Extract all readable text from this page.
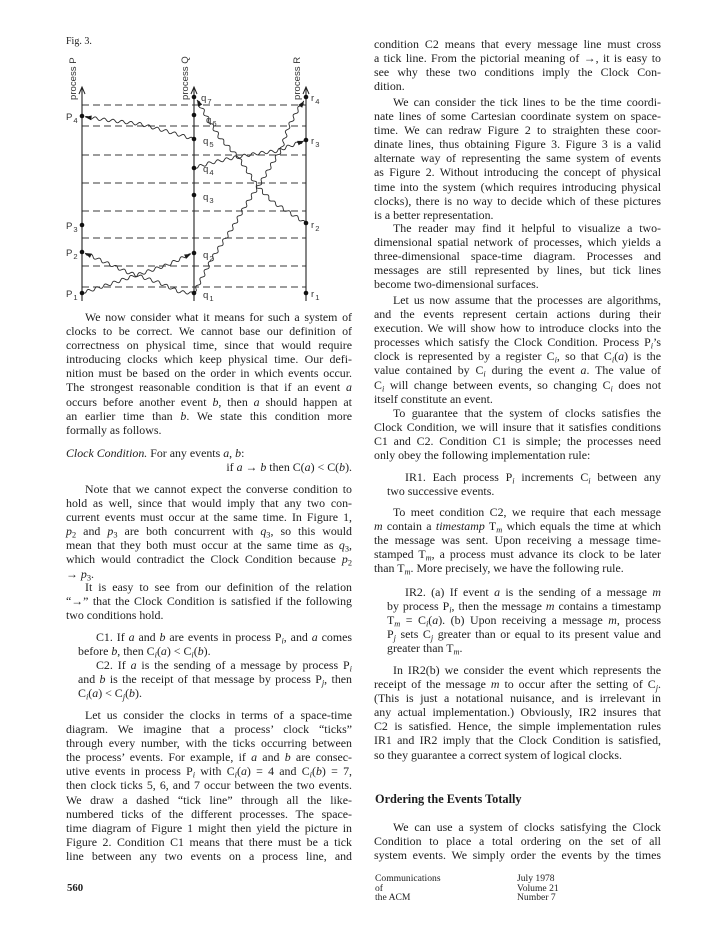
Fig. 3.
process P	process Q	process R
$P_4$
$P_3$
$P_2$
$P_1$
$q_7$
$q_6$
$q_5$
$q_4$
$q_3$
$q_2$
$q_1$
$r_4$
$r_3$
$r_2$
$r_1$
We now consider what it means for such a system of
clocks to be correct. We cannot base our definition of
correctness on physical time, since that would require
introducing clocks which keep physical time. Our defi-
nition must be based on the order in which events occur.
The strongest reasonable condition is that if an event a
occurs before another event b, then a should happen at
an earlier time than b. We state this condition more
formally as follows.
Clock Condition. For any events a, b:
if a → b then C(a) < C(b).
Note that we cannot expect the converse condition to
hold as well, since that would imply that any two con-
current events must occur at the same time. In Figure 1,
$p_2$ and $p_3$ are both concurrent with $q_3$, so this would
mean that they both must occur at the same time as $q_3$,
which would contradict the Clock Condition because $p_2$
→ $p_3$.
It is easy to see from our definition of the relation
“→” that the Clock Condition is satisfied if the following
two conditions hold.
C1. If a and b are events in process $P_i$, and a comes
before b, then $C_i(a) < C_i(b)$.
C2. If a is the sending of a message by process $P_i$
and b is the receipt of that message by process $P_j$, then
$C_i(a) < C_j(b)$.
Let us consider the clocks in terms of a space-time
diagram. We imagine that a process’ clock “ticks”
through every number, with the ticks occurring between
the process’ events. For example, if a and b are consec-
utive events in process $P_i$ with $C_i(a) = 4$ and $C_i(b) = 7$,
then clock ticks 5, 6, and 7 occur between the two events.
We draw a dashed “tick line” through all the like-
numbered ticks of the different processes. The space-
time diagram of Figure 1 might then yield the picture in
Figure 2. Condition C1 means that there must be a tick
line between any two events on a process line, and
560
condition C2 means that every message line must cross
a tick line. From the pictorial meaning of →, it is easy to
see why these two conditions imply the Clock Con-
dition.
We can consider the tick lines to be the time coordi-
nate lines of some Cartesian coordinate system on space-
time. We can redraw Figure 2 to straighten these coor-
dinate lines, thus obtaining Figure 3. Figure 3 is a valid
alternate way of representing the same system of events
as Figure 2. Without introducing the concept of physical
time into the system (which requires introducing physical
clocks), there is no way to decide which of these pictures
is a better representation.
The reader may find it helpful to visualize a two-
dimensional spatial network of processes, which yields a
three-dimensional space-time diagram. Processes and
messages are still represented by lines, but tick lines
become two-dimensional surfaces.
Let us now assume that the processes are algorithms,
and the events represent certain actions during their
execution. We will show how to introduce clocks into the
processes which satisfy the Clock Condition. Process $P_i’s$
clock is represented by a register $C_i$, so that $C_i(a)$ is the
value contained by $C_i$ during the event a. The value of
$C_i$ will change between events, so changing $C_i$ does not
itself constitute an event.
To guarantee that the system of clocks satisfies the
Clock Condition, we will insure that it satisfies conditions
C1 and C2. Condition C1 is simple; the processes need
only obey the following implementation rule:
IR1. Each process $P_i$ increments $C_i$ between any
two successive events.
To meet condition C2, we require that each message
m contain a timestamp $T_m$ which equals the time at which
the message was sent. Upon receiving a message time-
stamped $T_m$, a process must advance its clock to be later
than $T_m$. More precisely, we have the following rule.
IR2. (a) If event a is the sending of a message m
by process $P_i$, then the message m contains a timestamp
$T_m = C_i(a)$. (b) Upon receiving a message m, process
$P_j$ sets $C_j$ greater than or equal to its present value and
greater than $T_m$.
In IR2(b) we consider the event which represents the
receipt of the message m to occur after the setting of $C_j$.
(This is just a notational nuisance, and is irrelevant in
any actual implementation.) Obviously, IR2 insures that
C2 is satisfied. Hence, the simple implementation rules
IR1 and IR2 imply that the Clock Condition is satisfied,
so they guarantee a correct system of logical clocks.
Ordering the Events Totally
We can use a system of clocks satisfying the Clock
Condition to place a total ordering on the set of all
system events. We simply order the events by the times
Communications
of
the ACM
July 1978
Volume 21
Number 7
